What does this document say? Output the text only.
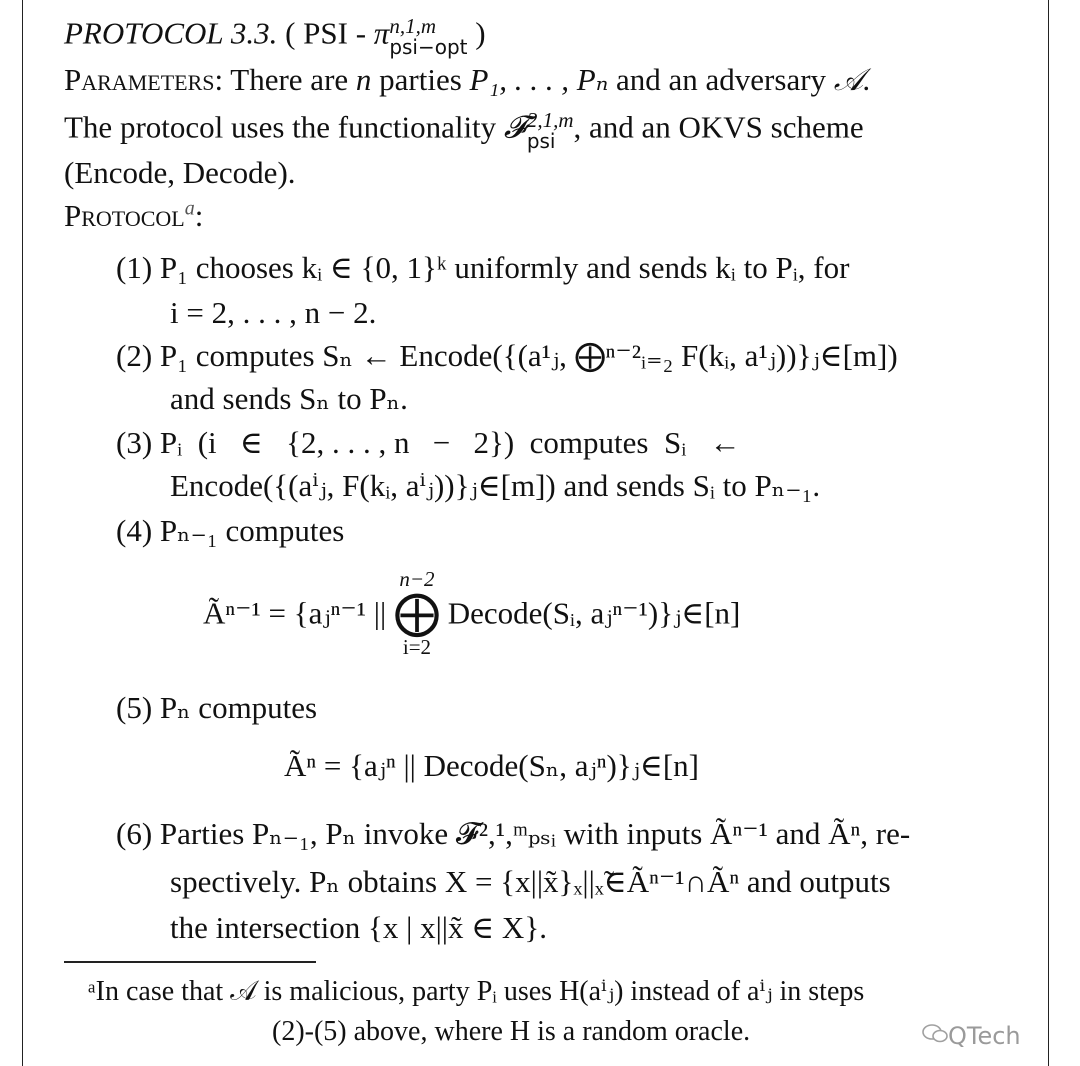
PROTOCOL 3.3. ( PSI - π n,1,m
psi−opt )
Parameters: There are n parties P₁, . . . , Pₙ and an adversary 𝒜.
The protocol uses the functionality 𝓕 2,1,m
psi , and an OKVS scheme
(Encode, Decode).
Protocol$^a$:
(1) P₁ chooses kᵢ ∈ {0, 1}ᵏ uniformly and sends kᵢ to Pᵢ, for
i = 2, . . . , n − 2.
(2) P₁ computes Sₙ ← Encode({(a¹ⱼ, ⨁ⁿ⁻²ᵢ₌₂ F(kᵢ, a¹ⱼ))}ⱼ∈[m])
and sends Sₙ to Pₙ.
(3) Pᵢ  (i   ∈   {2, . . . , n   −   2})  computes  Sᵢ   ←
Encode({(aⁱⱼ, F(kᵢ, aⁱⱼ))}ⱼ∈[m]) and sends Sᵢ to Pₙ₋₁.
(4) Pₙ₋₁ computes
Ãⁿ⁻¹ = {aⱼⁿ⁻¹ ||
n−2
⨁
i=2
Decode(Sᵢ, aⱼⁿ⁻¹)}ⱼ∈[n]
(5) Pₙ computes
Ãⁿ = {aⱼⁿ || Decode(Sₙ, aⱼⁿ)}ⱼ∈[n]
(6) Parties Pₙ₋₁, Pₙ invoke 𝓕²,¹,ᵐₚₛᵢ with inputs Ãⁿ⁻¹ and Ãⁿ, re-
spectively. Pₙ obtains X = {x||x̃}ₓ||ₓ̃∈Ãⁿ⁻¹∩Ãⁿ and outputs
the intersection {x | x||x̃ ∈ X}.
ᵃIn case that 𝒜 is malicious, party Pᵢ uses H(aⁱⱼ) instead of aⁱⱼ in steps
(2)-(5) above, where H is a random oracle.	QTech
